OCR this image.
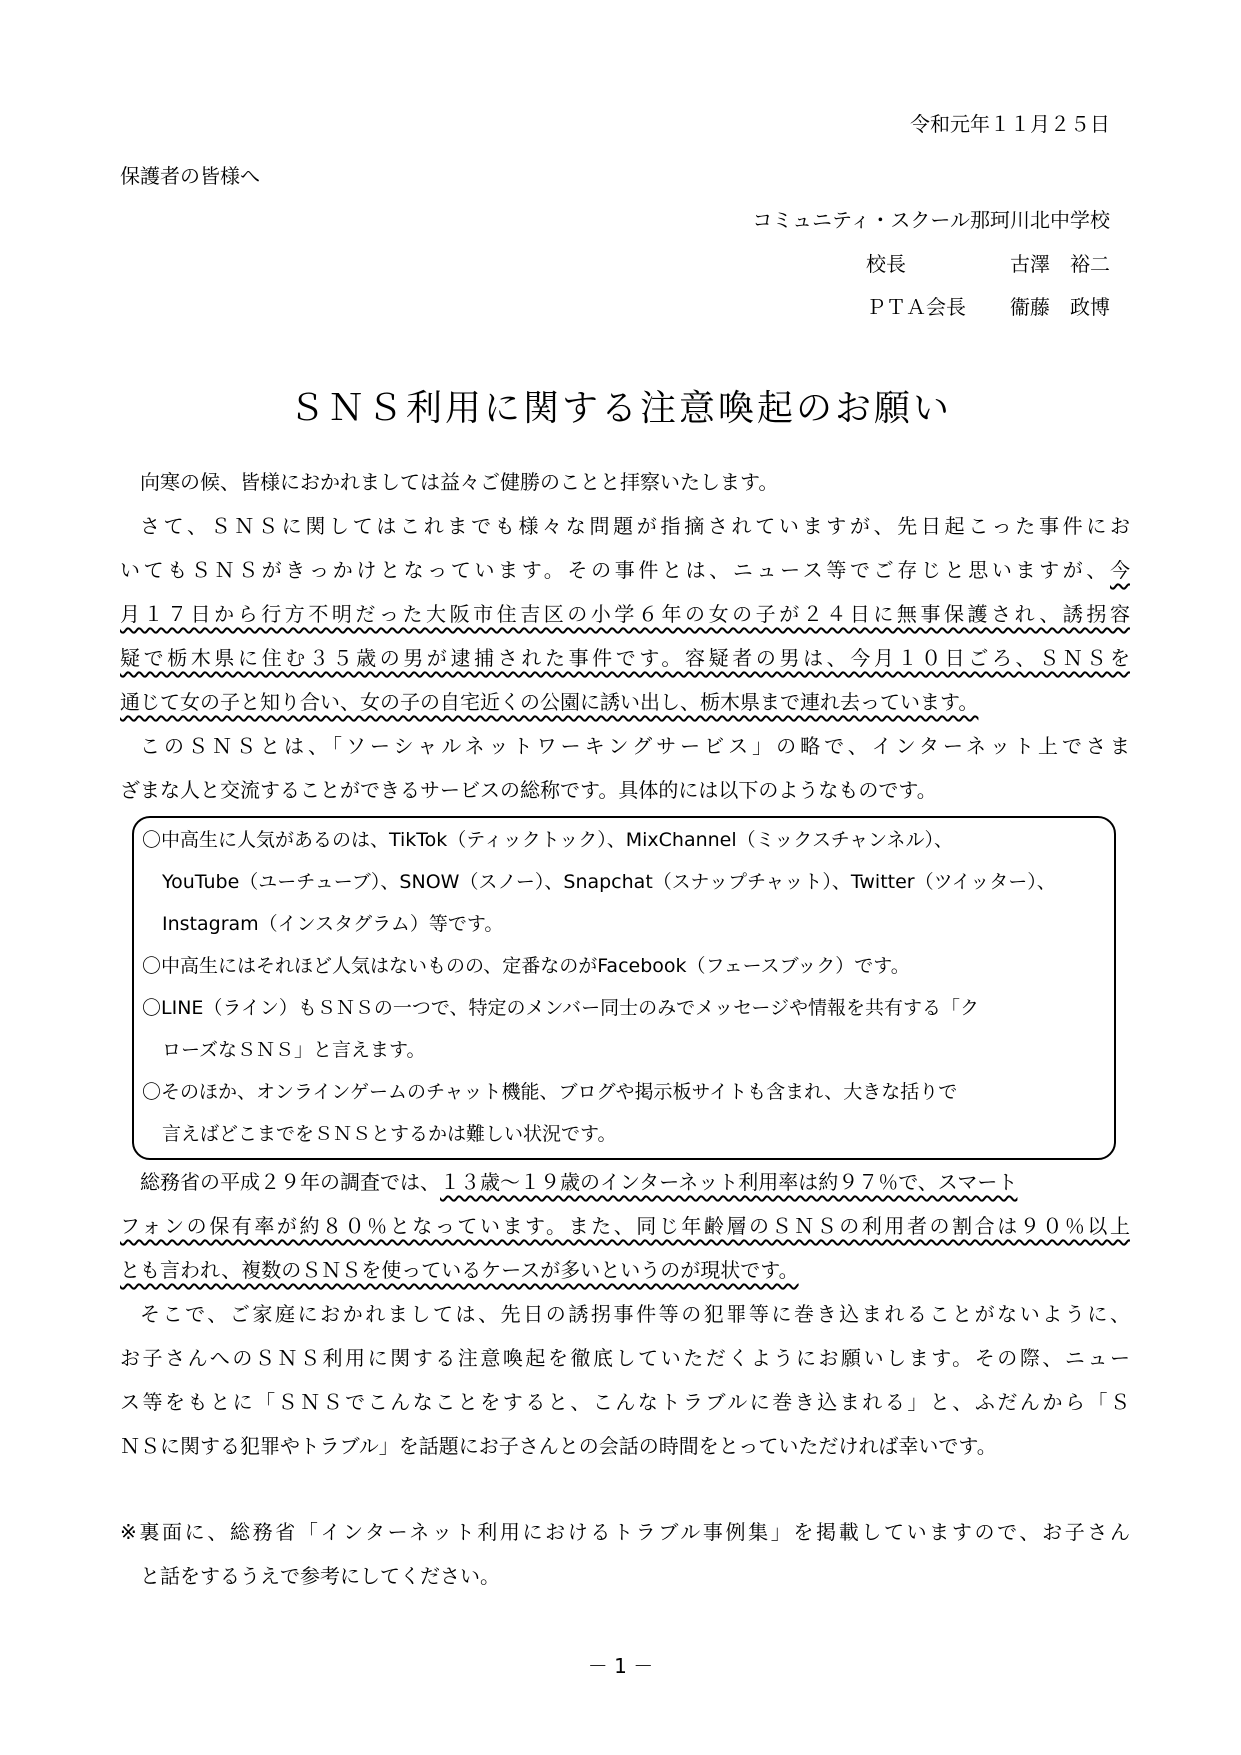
令和元年１１月２５日
保護者の皆様へ
コミュニティ・スクール那珂川北中学校
校長	古澤　裕二
ＰＴＡ会長	衞藤　政博
ＳＮＳ利用に関する注意喚起のお願い
向寒の候、皆様におかれましては益々ご健勝のことと拝察いたします。
さて、ＳＮＳに関してはこれまでも様々な問題が指摘されていますが、先日起こった事件にお
いてもＳＮＳがきっかけとなっています。その事件とは、ニュース等でご存じと思いますが、今
月１７日から行方不明だった大阪市住吉区の小学６年の女の子が２４日に無事保護され、誘拐容
疑で栃木県に住む３５歳の男が逮捕された事件です。容疑者の男は、今月１０日ごろ、ＳＮＳを
通じて女の子と知り合い、女の子の自宅近くの公園に誘い出し、栃木県まで連れ去っています。
このＳＮＳとは、「ソーシャルネットワーキングサービス」の略で、インターネット上でさま
ざまな人と交流することができるサービスの総称です。具体的には以下のようなものです。
〇中高生に人気があるのは、TikTok（ティックトック）、MixChannel（ミックスチャンネル）、
YouTube（ユーチューブ）、SNOW（スノー）、Snapchat（スナップチャット）、Twitter（ツイッター）、
Instagram（インスタグラム）等です。
〇中高生にはそれほど人気はないものの、定番なのがFacebook（フェースブック）です。
〇LINE（ライン）もＳＮＳの一つで、特定のメンバー同士のみでメッセージや情報を共有する「ク
ローズなＳＮＳ」と言えます。
〇そのほか、オンラインゲームのチャット機能、ブログや掲示板サイトも含まれ、大きな括りで
言えばどこまでをＳＮＳとするかは難しい状況です。
総務省の平成２９年の調査では、１３歳～１９歳のインターネット利用率は約９７％で、スマート
フォンの保有率が約８０％となっています。また、同じ年齢層のＳＮＳの利用者の割合は９０％以上
とも言われ、複数のＳＮＳを使っているケースが多いというのが現状です。
そこで、ご家庭におかれましては、先日の誘拐事件等の犯罪等に巻き込まれることがないように、
お子さんへのＳＮＳ利用に関する注意喚起を徹底していただくようにお願いします。その際、ニュー
ス等をもとに「ＳＮＳでこんなことをすると、こんなトラブルに巻き込まれる」と、ふだんから「Ｓ
ＮＳに関する犯罪やトラブル」を話題にお子さんとの会話の時間をとっていただければ幸いです。
※裏面に、総務省「インターネット利用におけるトラブル事例集」を掲載していますので、お子さん
と話をするうえで参考にしてください。
－ 1 －
